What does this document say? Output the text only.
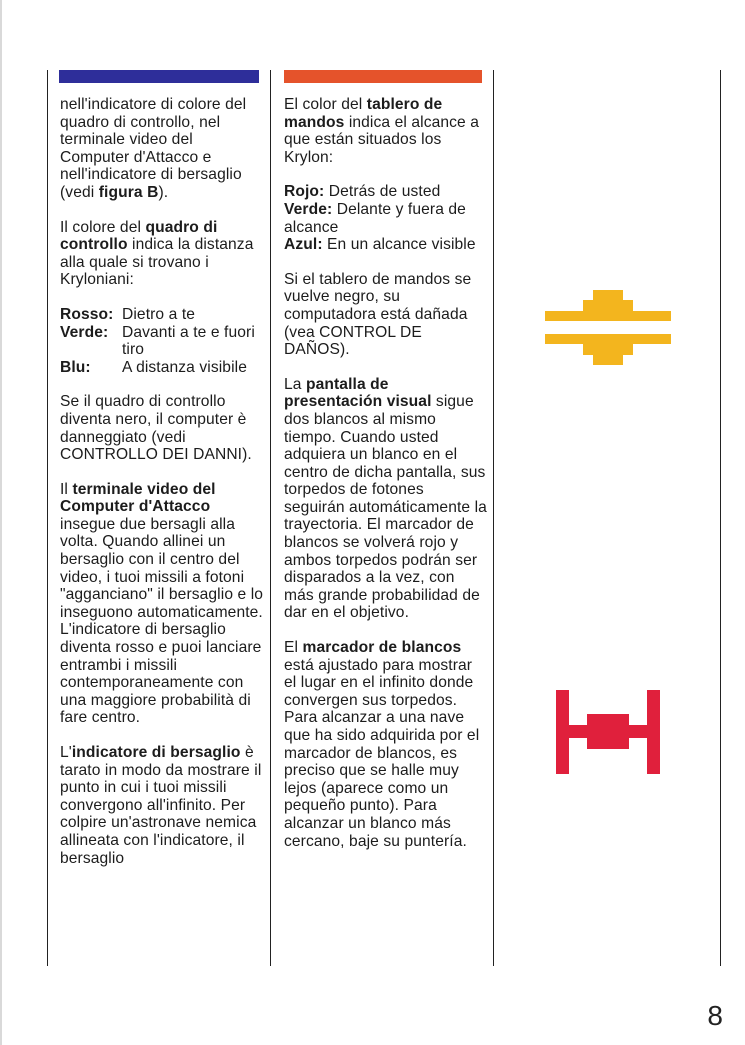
nell'indicatore di colore del quadro di controllo, nel terminale video del Computer d'Attacco e nell'indicatore di bersaglio (vedi figura B).

Il colore del quadro di controllo indica la distanza alla quale si trovano i Kryloniani:

Rosso: Dietro a te
Verde: Davanti a te e fuori tiro
Blu:	A distanza visibile

Se il quadro di controllo diventa nero, il computer è danneggiato (vedi CONTROLLO DEI DANNI).

Il terminale video del Computer d'Attacco insegue due bersagli alla volta. Quando allinei un bersaglio con il centro del video, i tuoi missili a fotoni "agganciano" il bersaglio e lo inseguono automaticamente. L'indicatore di bersaglio diventa rosso e puoi lanciare entrambi i missili contemporaneamente con una maggiore probabilità di fare centro.

L'indicatore di bersaglio è tarato in modo da mostrare il punto in cui i tuoi missili convergono all'infinito. Per colpire un'astronave nemica allineata con l'indicatore, il bersaglio

El color del tablero de mandos indica el alcance a que están situados los Krylon:

Rojo: Detrás de usted
Verde: Delante y fuera de alcance
Azul: En un alcance visible

Si el tablero de mandos se vuelve negro, su computadora está dañada (vea CONTROL DE DAÑOS).

La pantalla de presentación visual sigue dos blancos al mismo tiempo. Cuando usted adquiera un blanco en el centro de dicha pantalla, sus torpedos de fotones seguirán automáticamente la trayectoria. El marcador de blancos se volverá rojo y ambos torpedos podrán ser disparados a la vez, con más grande probabilidad de dar en el objetivo.

El marcador de blancos está ajustado para mostrar el lugar en el infinito donde convergen sus torpedos. Para alcanzar a una nave que ha sido adquirida por el marcador de blancos, es preciso que se halle muy lejos (aparece como un pequeño punto). Para alcanzar un blanco más cercano, baje su puntería.

8
